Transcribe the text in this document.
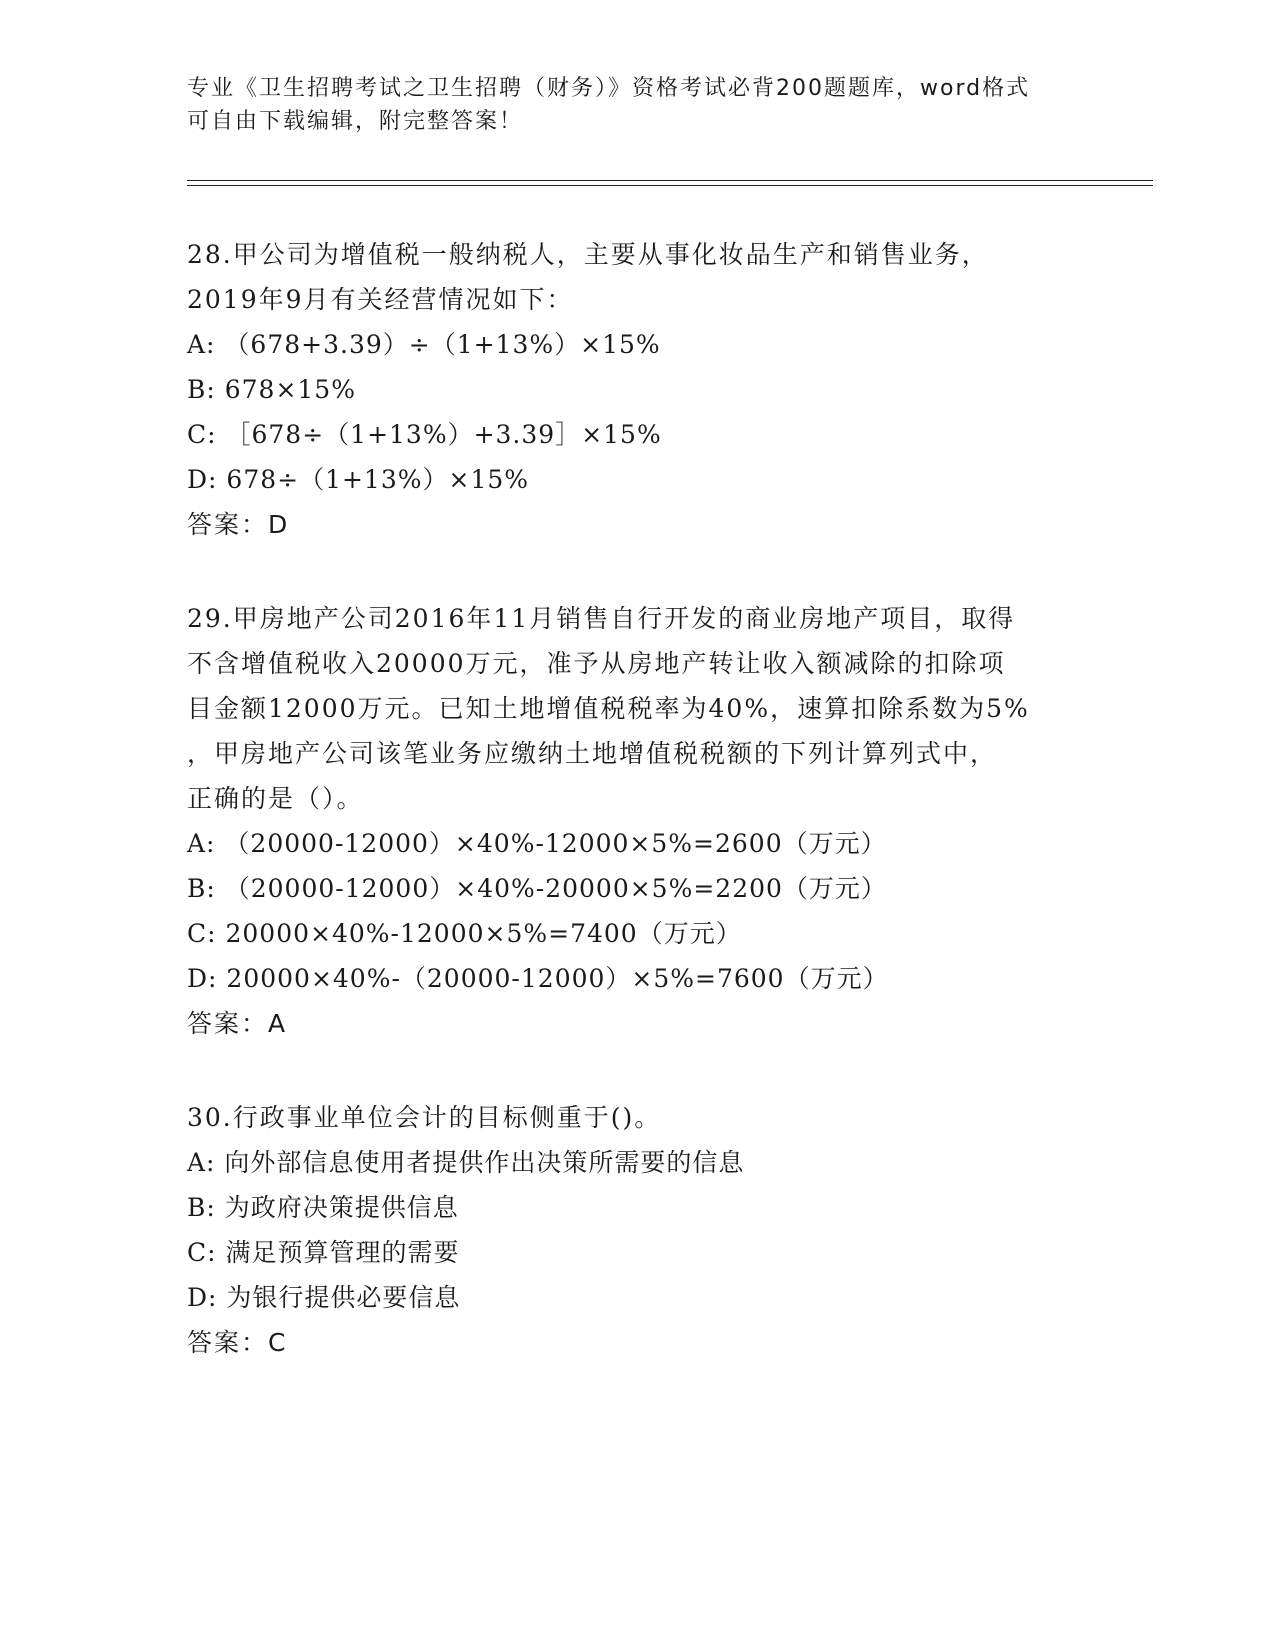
专业《卫生招聘考试之卫生招聘（财务）》资格考试必背200题题库，word格式
可自由下载编辑，附完整答案！
28.甲公司为增值税一般纳税人，主要从事化妆品生产和销售业务，
2019年9月有关经营情况如下：
A: （678+3.39）÷（1+13%）×15%
B: 678×15%
C: ［678÷（1+13%）+3.39］×15%
D: 678÷（1+13%）×15%
答案：D
29.甲房地产公司2016年11月销售自行开发的商业房地产项目，取得
不含增值税收入20000万元，准予从房地产转让收入额减除的扣除项
目金额12000万元。已知土地增值税税率为40%，速算扣除系数为5%
，甲房地产公司该笔业务应缴纳土地增值税税额的下列计算列式中，
正确的是（）。
A: （20000-12000）×40%-12000×5%=2600（万元）
B: （20000-12000）×40%-20000×5%=2200（万元）
C: 20000×40%-12000×5%=7400（万元）
D: 20000×40%-（20000-12000）×5%=7600（万元）
答案：A
30.行政事业单位会计的目标侧重于()。
A: 向外部信息使用者提供作出决策所需要的信息
B: 为政府决策提供信息
C: 满足预算管理的需要
D: 为银行提供必要信息
答案：C
